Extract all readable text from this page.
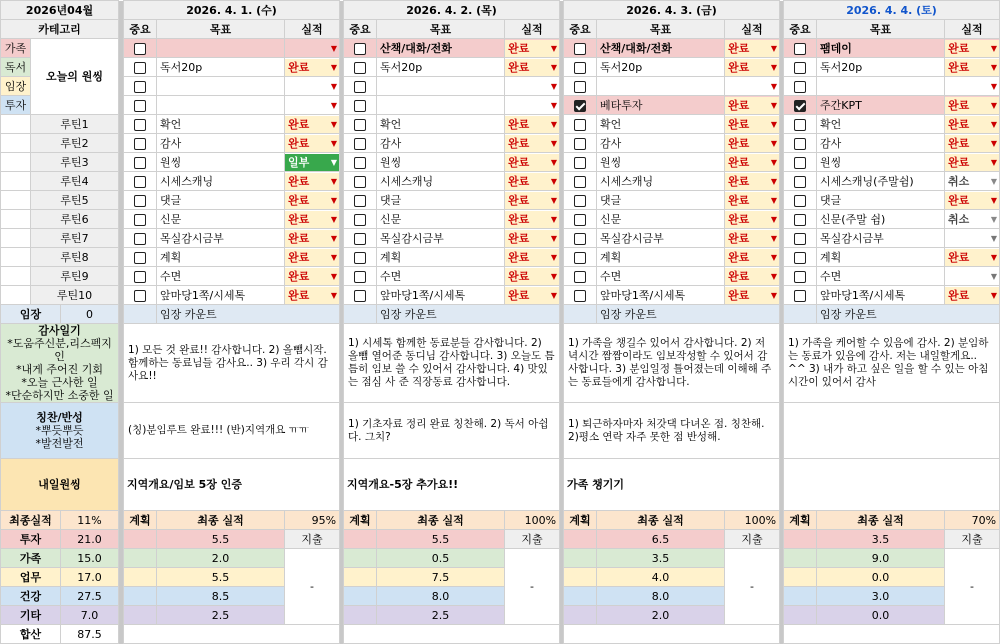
2026년04월				2026. 4. 1. (수)				2026. 4. 2. (목)				2026. 4. 3. (금)				2026. 4. 4. (토)		
카테고리				중요	목표	실적		중요	목표	실적		중요	목표	실적		중요	목표	실적
가족	오늘의 원씽					▼			산책/대화/전화	완료 ▼			산책/대화/전화	완료 ▼			팸데이	완료 ▼

독서					독서20p	완료 ▼			독서20p	완료 ▼			독서20p	완료 ▼			독서20p	완료 ▼

임장						▼				▼				▼				▼

투자						▼				▼			베타투자	완료 ▼			주간KPT	완료 ▼

	루틴1				확언	완료 ▼			확언	완료 ▼			확언	완료 ▼			확언	완료 ▼

	루틴2				감사	완료 ▼			감사	완료 ▼			감사	완료 ▼			감사	완료 ▼

	루틴3				원씽	일부 ▼			원씽	완료 ▼			원씽	완료 ▼			원씽	완료 ▼

	루틴4				시세스캐닝	완료 ▼			시세스캐닝	완료 ▼			시세스캐닝	완료 ▼			시세스캐닝(주말쉼)	취소 ▼

	루틴5				댓글	완료 ▼			댓글	완료 ▼			댓글	완료 ▼			댓글	완료 ▼

	루틴6				신문	완료 ▼			신문	완료 ▼			신문	완료 ▼			신문(주말 쉼)	취소 ▼

	루틴7				목실감시금부	완료 ▼			목실감시금부	완료 ▼			목실감시금부	완료 ▼			목실감시금부	▼

	루틴8				계획	완료 ▼			계획	완료 ▼			계획	완료 ▼			계획	완료 ▼

	루틴9				수면	완료 ▼			수면	완료 ▼			수면	완료 ▼			수면	▼

	루틴10				앞마당1쪽/시세톡	완료 ▼			앞마당1쪽/시세톡	완료 ▼			앞마당1쪽/시세톡	완료 ▼			앞마당1쪽/시세톡	완료 ▼

임장		0			임장 카운트				임장 카운트				임장 카운트				임장 카운트	

감사일기
*도움주신분,리스펙지인
*내게 주어진 기회
*오늘 근사한 일
*단순하지만 소중한 일				1) 모든 것 완료!! 감사합니다. 2) 올뺌시작. 함께하는 동료님들 감사요.. 3) 우리 각시 감사요!!				1) 시세톡 함께한 동료분들 감사합니다. 2) 올뺌 열어준 동디님 감사합니다. 3) 오늘도 틈틈히 임보 쓸 수 있어서 감사합니다. 4) 맛있는 점심 사 준 직장동료 감사합니다.				1) 가족을 챙길수 있어서 감사합니다. 2) 저녁시간 짬짬이라도 임보작성할 수 있어서 감사합니다. 3) 분임일정 틀어졌는데 이해해 주는 동료들에게 감사합니다.				1) 가족을 케어할 수 있음에 감사. 2) 분임하는 동료가 있음에 감사. 저는 내일할게요.. ^^ 3) 내가 하고 싶은 일을 할 수 있는 아침시간이 있어서 감사		

칭찬/반성
*뿌듯뿌듯
*발전발전				(칭)분임루트 완료!!! (반)지역개요 ㅠㅠ				1) 기초자료 정리 완료 칭찬해. 2) 독서 아쉽다. 그치?				1) 퇴근하자마자 처갓댁 다녀온 점. 칭찬해. 2)평소 연락 자주 못한 점 반성해.						
내일원씽				지역개요/임보 5장 인증				지역개요-5장 추가요!!				가족 챙기기						
최종실적		11%		계획	최종 실적	95%		계획	최종 실적	100%		계획	최종 실적	100%		계획	최종 실적	70%
투자		21.0			5.5	지출			5.5	지출			6.5	지출			3.5	지출
가족		15.0			2.0	-			0.5	-			3.5	-			9.0	-
업무		17.0			5.5				7.5				4.0				0.0	
건강		27.5			8.5				8.0				8.0				3.0	
기타		7.0			2.5				2.5				2.0				0.0	
합산		87.5																
